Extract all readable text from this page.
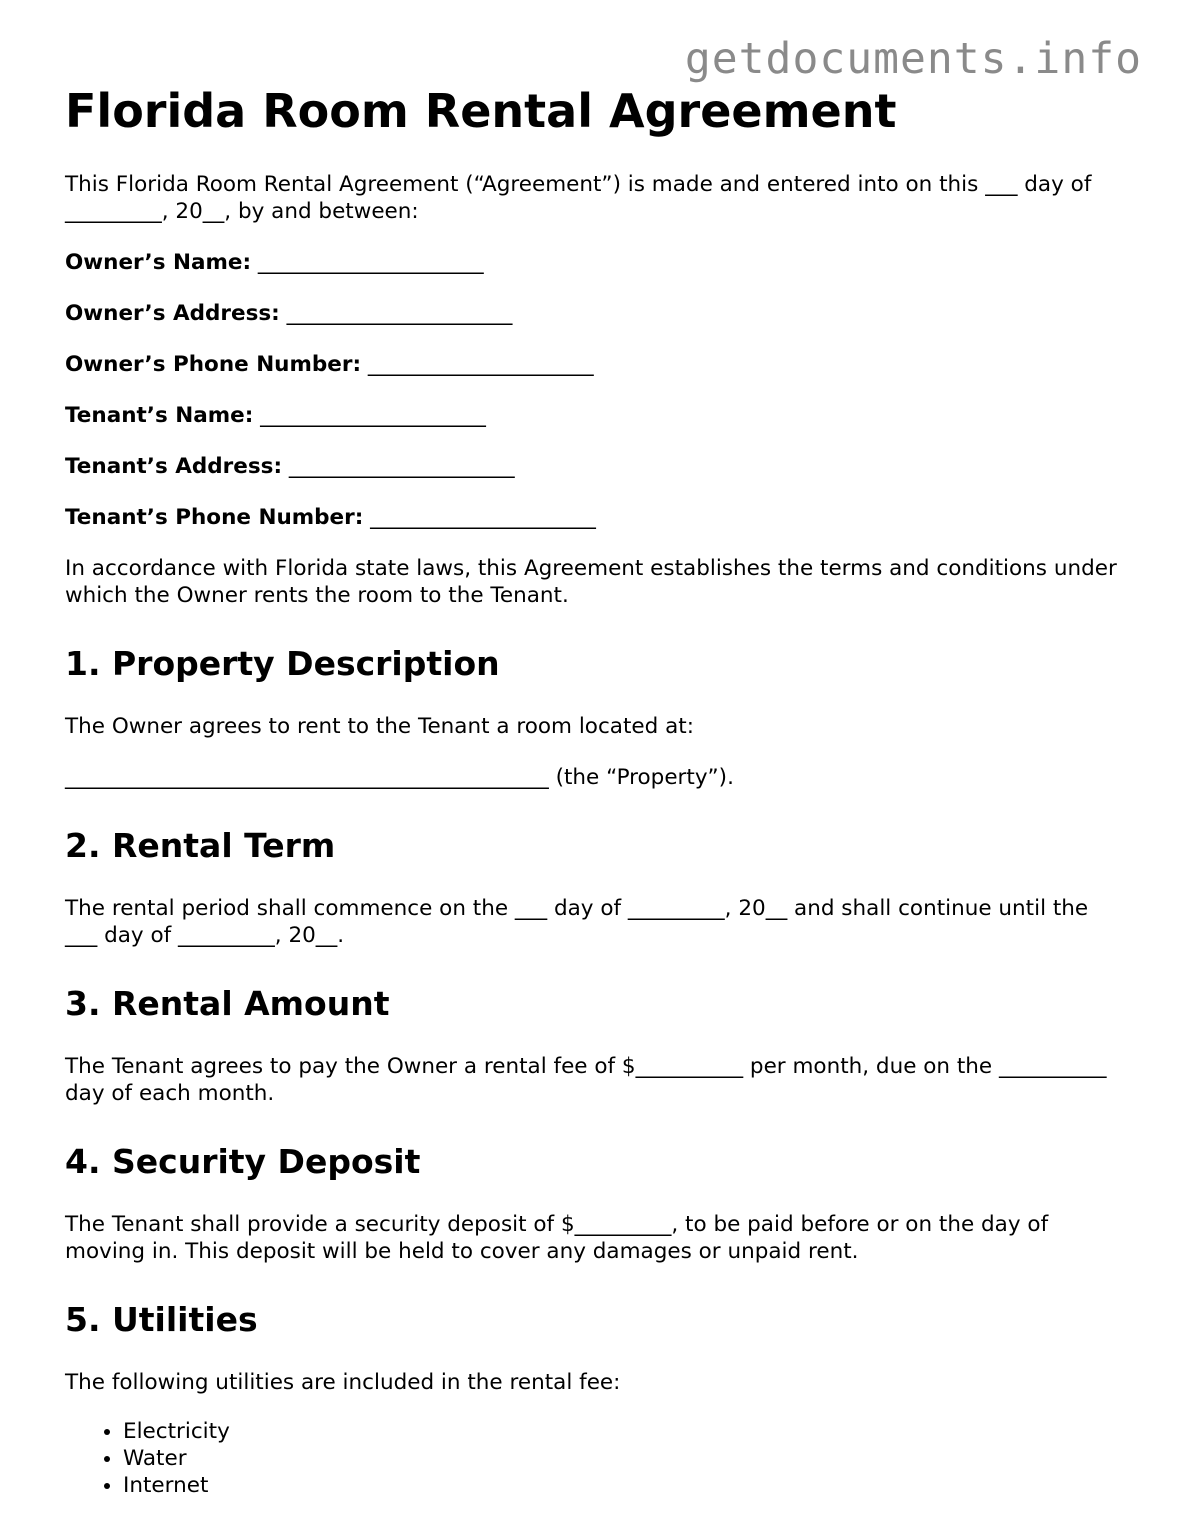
getdocuments.info
Florida Room Rental Agreement

This Florida Room Rental Agreement (“Agreement”) is made and entered into on this ___ day of _________, 20__, by and between:

Owner’s Name: _____________________
Owner’s Address: _____________________
Owner’s Phone Number: _____________________
Tenant’s Name: _____________________
Tenant’s Address: _____________________
Tenant’s Phone Number: _____________________

In accordance with Florida state laws, this Agreement establishes the terms and conditions under which the Owner rents the room to the Tenant.

1. Property Description

The Owner agrees to rent to the Tenant a room located at:

_____________________________________________ (the “Property”).

2. Rental Term

The rental period shall commence on the ___ day of _________, 20__ and shall continue until the ___ day of _________, 20__.

3. Rental Amount

The Tenant agrees to pay the Owner a rental fee of $__________ per month, due on the __________ day of each month.

4. Security Deposit

The Tenant shall provide a security deposit of $_________, to be paid before or on the day of moving in. This deposit will be held to cover any damages or unpaid rent.

5. Utilities

The following utilities are included in the rental fee:

• Electricity
• Water
• Internet
